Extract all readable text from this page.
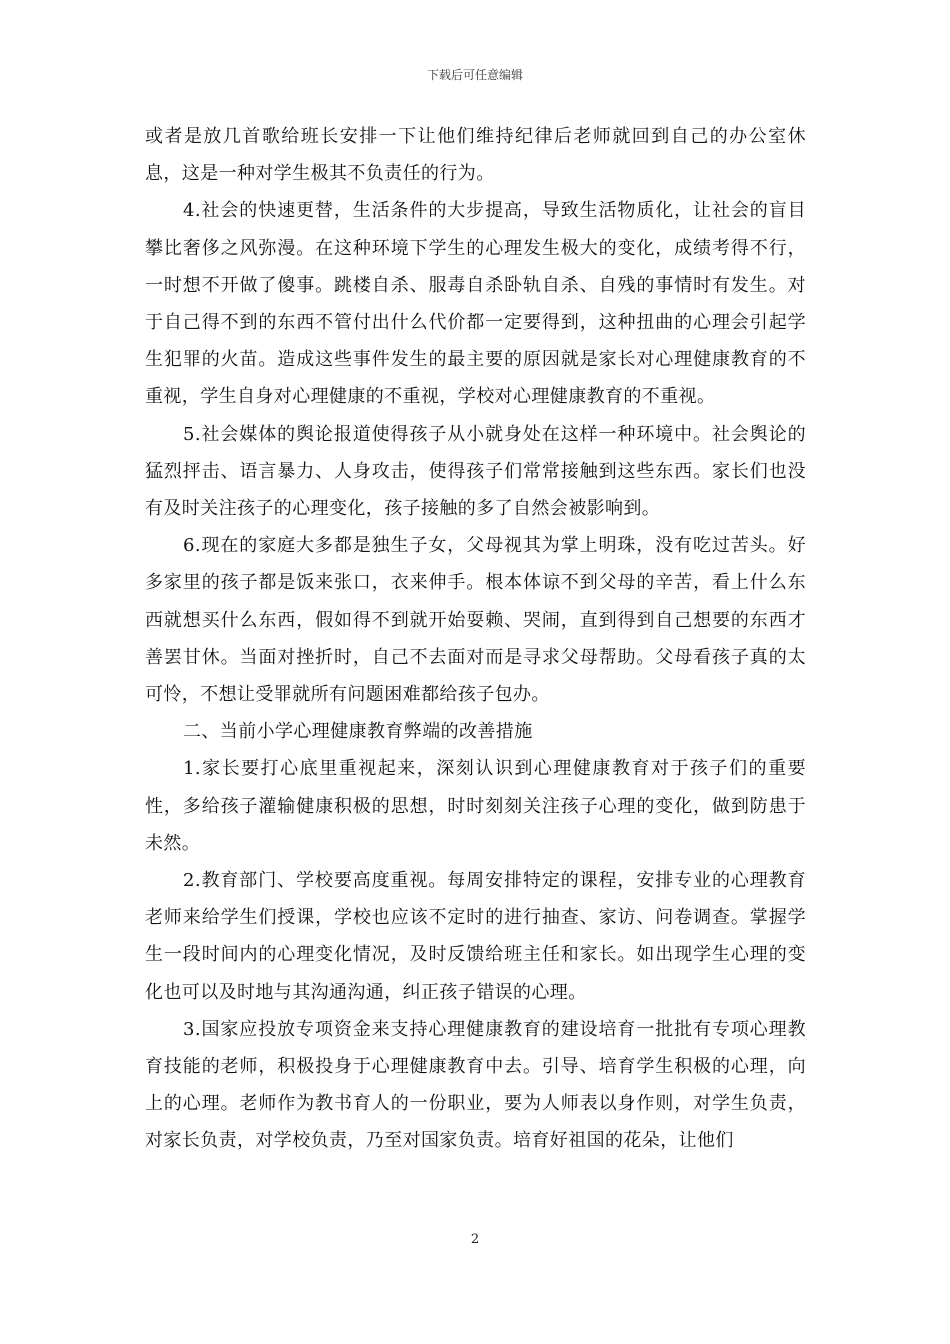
下载后可任意编辑

或者是放几首歌给班长安排一下让他们维持纪律后老师就回到自己的办公室休息，这是一种对学生极其不负责任的行为。

4.社会的快速更替，生活条件的大步提高，导致生活物质化，让社会的盲目攀比奢侈之风弥漫。在这种环境下学生的心理发生极大的变化，成绩考得不行，一时想不开做了傻事。跳楼自杀、服毒自杀卧轨自杀、自残的事情时有发生。对于自己得不到的东西不管付出什么代价都一定要得到，这种扭曲的心理会引起学生犯罪的火苗。造成这些事件发生的最主要的原因就是家长对心理健康教育的不重视，学生自身对心理健康的不重视，学校对心理健康教育的不重视。

5.社会媒体的舆论报道使得孩子从小就身处在这样一种环境中。社会舆论的猛烈抨击、语言暴力、人身攻击，使得孩子们常常接触到这些东西。家长们也没有及时关注孩子的心理变化，孩子接触的多了自然会被影响到。

6.现在的家庭大多都是独生子女，父母视其为掌上明珠，没有吃过苦头。好多家里的孩子都是饭来张口，衣来伸手。根本体谅不到父母的辛苦，看上什么东西就想买什么东西，假如得不到就开始耍赖、哭闹，直到得到自己想要的东西才善罢甘休。当面对挫折时，自己不去面对而是寻求父母帮助。父母看孩子真的太可怜，不想让受罪就所有问题困难都给孩子包办。

二、当前小学心理健康教育弊端的改善措施

1.家长要打心底里重视起来，深刻认识到心理健康教育对于孩子们的重要性，多给孩子灌输健康积极的思想，时时刻刻关注孩子心理的变化，做到防患于未然。

2.教育部门、学校要高度重视。每周安排特定的课程，安排专业的心理教育老师来给学生们授课，学校也应该不定时的进行抽查、家访、问卷调查。掌握学生一段时间内的心理变化情况，及时反馈给班主任和家长。如出现学生心理的变化也可以及时地与其沟通沟通，纠正孩子错误的心理。

3.国家应投放专项资金来支持心理健康教育的建设培育一批批有专项心理教育技能的老师，积极投身于心理健康教育中去。引导、培育学生积极的心理，向上的心理。老师作为教书育人的一份职业，要为人师表以身作则，对学生负责，对家长负责，对学校负责，乃至对国家负责。培育好祖国的花朵，让他们

2
